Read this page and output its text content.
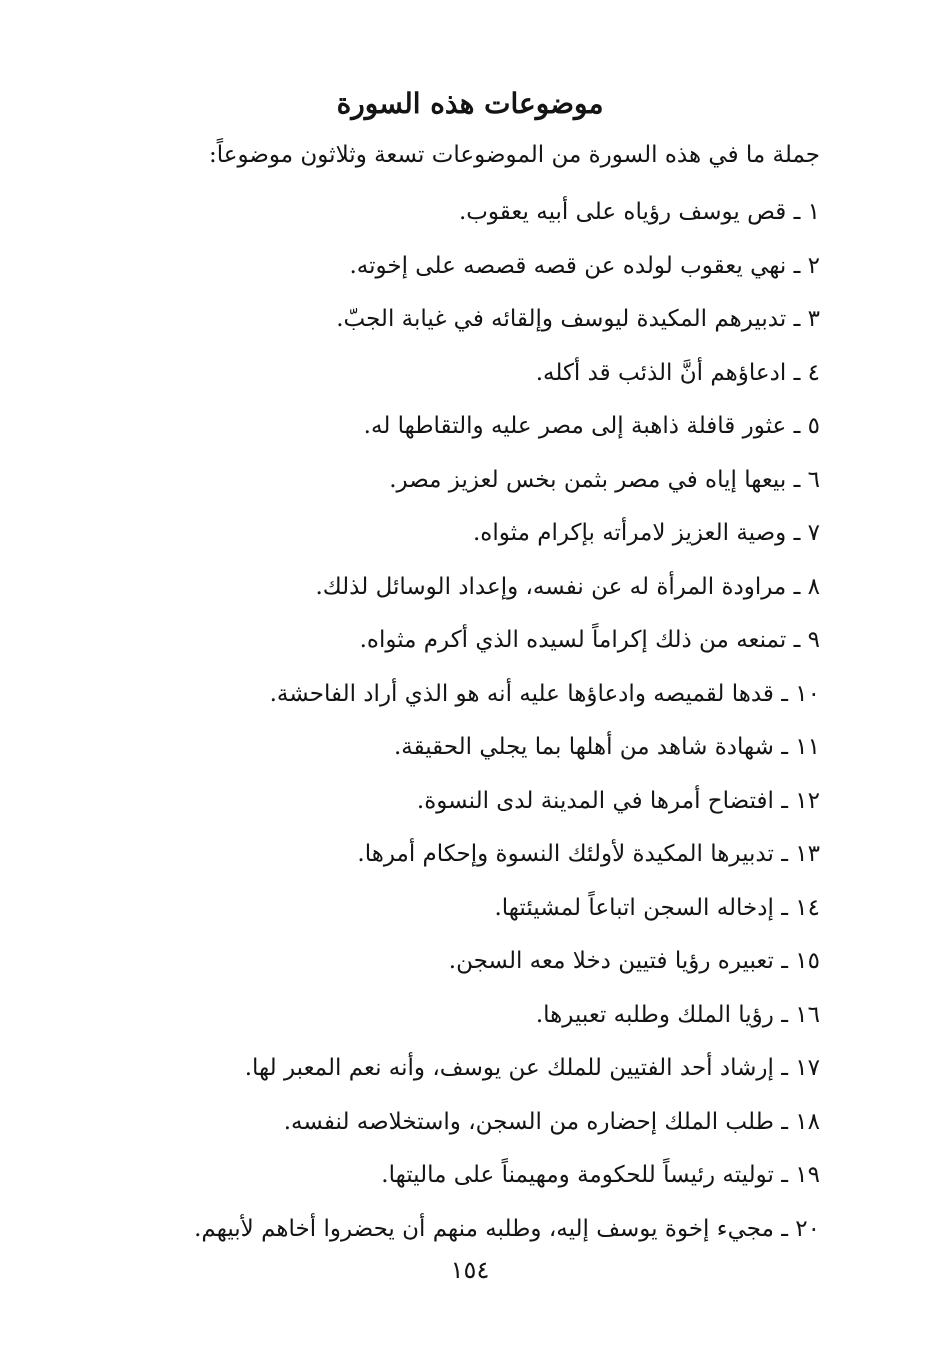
موضوعات هذه السورة
جملة ما في هذه السورة من الموضوعات تسعة وثلاثون موضوعاً:
١ ـ قص يوسف رؤياه على أبيه يعقوب.
٢ ـ نهي يعقوب لولده عن قصه قصصه على إخوته.
٣ ـ تدبيرهم المكيدة ليوسف وإلقائه في غيابة الجبّ.
٤ ـ ادعاؤهم أنَّ الذئب قد أكله.
٥ ـ عثور قافلة ذاهبة إلى مصر عليه والتقاطها له.
٦ ـ بيعها إياه في مصر بثمن بخس لعزيز مصر.
٧ ـ وصية العزيز لامرأته بإكرام مثواه.
٨ ـ مراودة المرأة له عن نفسه، وإعداد الوسائل لذلك.
٩ ـ تمنعه من ذلك إكراماً لسيده الذي أكرم مثواه.
١٠ ـ قدها لقميصه وادعاؤها عليه أنه هو الذي أراد الفاحشة.
١١ ـ شهادة شاهد من أهلها بما يجلي الحقيقة.
١٢ ـ افتضاح أمرها في المدينة لدى النسوة.
١٣ ـ تدبيرها المكيدة لأولئك النسوة وإحكام أمرها.
١٤ ـ إدخاله السجن اتباعاً لمشيئتها.
١٥ ـ تعبيره رؤيا فتيين دخلا معه السجن.
١٦ ـ رؤيا الملك وطلبه تعبيرها.
١٧ ـ إرشاد أحد الفتيين للملك عن يوسف، وأنه نعم المعبر لها.
١٨ ـ طلب الملك إحضاره من السجن، واستخلاصه لنفسه.
١٩ ـ توليته رئيساً للحكومة ومهيمناً على ماليتها.
٢٠ ـ مجيء إخوة يوسف إليه، وطلبه منهم أن يحضروا أخاهم لأبيهم.
١٥٤
